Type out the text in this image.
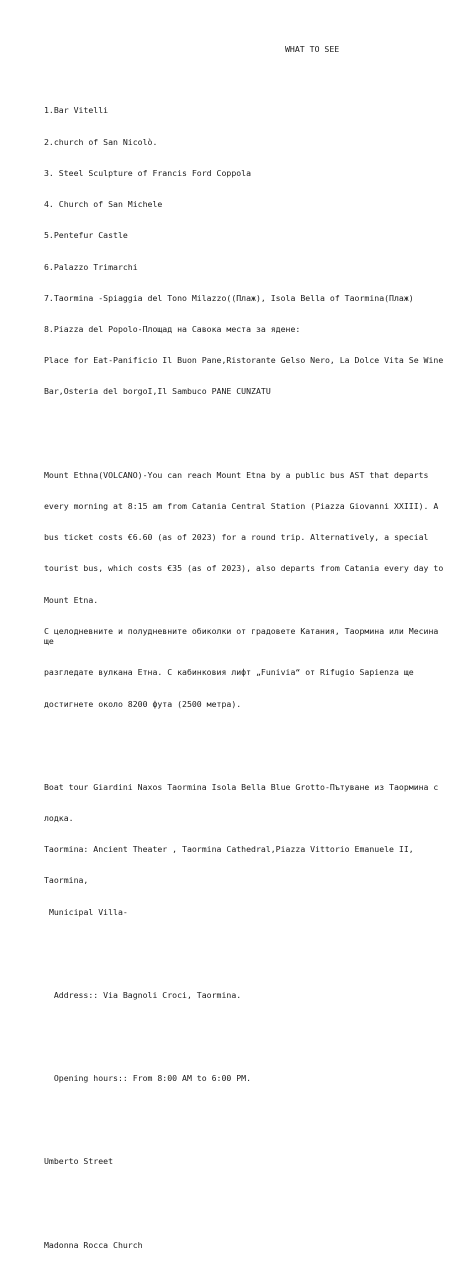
WHAT TO SEE

1.Bar Vitelli

2.church of San Nicolò.

3. Steel Sculpture of Francis Ford Coppola

4. Church of San Michele

5.Pentefur Castle

6.Palazzo Trimarchi

7.Taormina -Spiaggia del Tono Milazzo((Плаж), Isola Bella of Taormina(Плаж)

8.Piazza del Popolo-Площад на Савока места за ядене:

Place for Eat-Panificio Il Buon Pane,Ristorante Gelso Nero, La Dolce Vita Se Wine

Bar,Osteria del borgoI,Il Sambuco PANE CUNZATU

Mount Ethna(VOLCANO)-You can reach Mount Etna by a public bus AST that departs

every morning at 8:15 am from Catania Central Station (Piazza Giovanni XXIII). A

bus ticket costs €6.60 (as of 2023) for a round trip. Alternatively, a special

tourist bus, which costs €35 (as of 2023), also departs from Catania every day to

Mount Etna.

С целодневните и полудневните обиколки от градовете Катания, Таормина или Месина ще

разгледате вулкана Етна. С кабинковия лифт „Funivia“ от Rifugio Sapienza ще

достигнете около 8200 фута (2500 метра).

Boat tour Giardini Naxos Taormina Isola Bella Blue Grotto-Пътуване из Таормина с

лодка.

Taormina: Ancient Theater , Taormina Cathedral,Piazza Vittorio Emanuele II,

Taormina,

Municipal Villa-

Address:: Via Bagnoli Croci, Taormina.

Opening hours:: From 8:00 AM to 6:00 PM.

Umberto Street

Madonna Rocca Church
